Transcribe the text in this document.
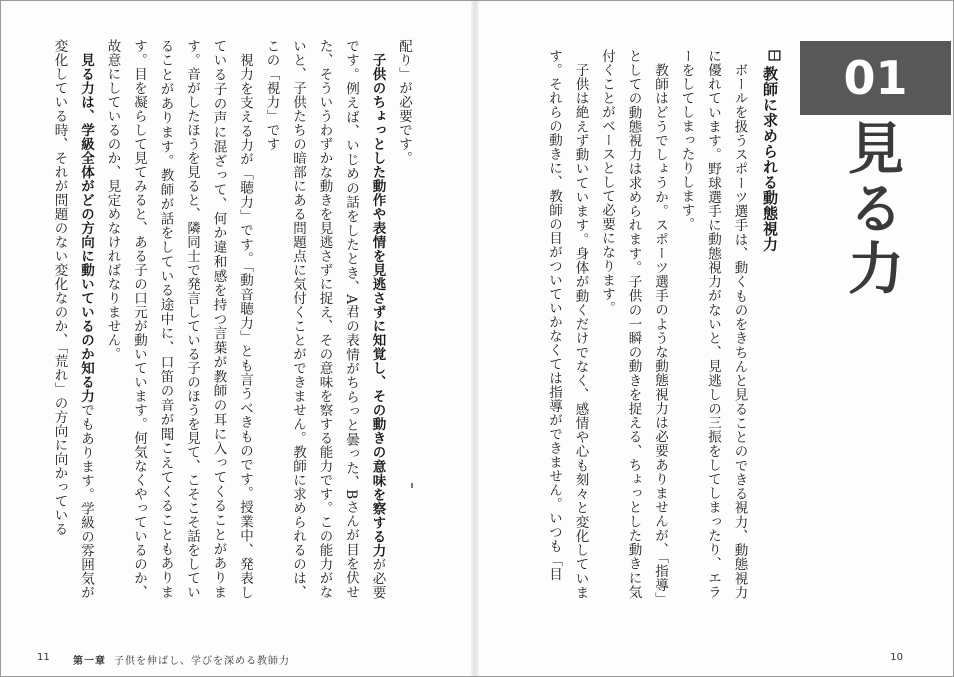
配り」が必要です。

子供のちょっとした動作や表情を見逃さずに知覚し、その動きの意味を察する力が必要です。例えば、いじめの話をしたとき、A君の表情がちらっと曇った、Bさんが目を伏せた、そういうわずかな動きを見逃さずに捉え、その意味を察する能力です。この能力がないと、子供たちの暗部にある問題点に気付くことができません。教師に求められるのは、この「視力」です

視力を支える力が「聴力」です。「動音聴力」とも言うべきものです。授業中、発表している子の声に混ざって、何か違和感を持つ言葉が教師の耳に入ってくることがあります。音がしたほうを見ると、隣同士で発言している子のほうを見て、こそこそ話をしていることがあります。教師が話をしている途中に、口笛の音が聞こえてくることもあります。目を凝らして見てみると、ある子の口元が動いています。何気なくやっているのか、故意にしているのか、見定めなければなりません。

見る力は、学級全体がどの方向に動いているのか知る力でもあります。学級の雰囲気が変化している時、それが問題のない変化なのか、「荒れ」の方向に向かっている

11 第一章 子供を伸ばし、学びを深める教師力
01
見る力
教師に求められる動態視力

ボールを扱うスポーツ選手は、動くものをきちんと見ることのできる視力、動態視力に優れています。野球選手に動態視力がないと、見逃しの三振をしてしまったり、エラーをしてしまったりします。

教師はどうでしょうか。スポーツ選手のような動態視力は必要ありませんが、「指導」としての動態視力は求められます。子供の一瞬の動きを捉える、ちょっとした動きに気付くことがベースとして必要になります。

子供は絶えず動いています。身体が動くだけでなく、感情や心も刻々と変化しています。それらの動きに、教師の目がついていかなくては指導ができません。いつも「目

10
